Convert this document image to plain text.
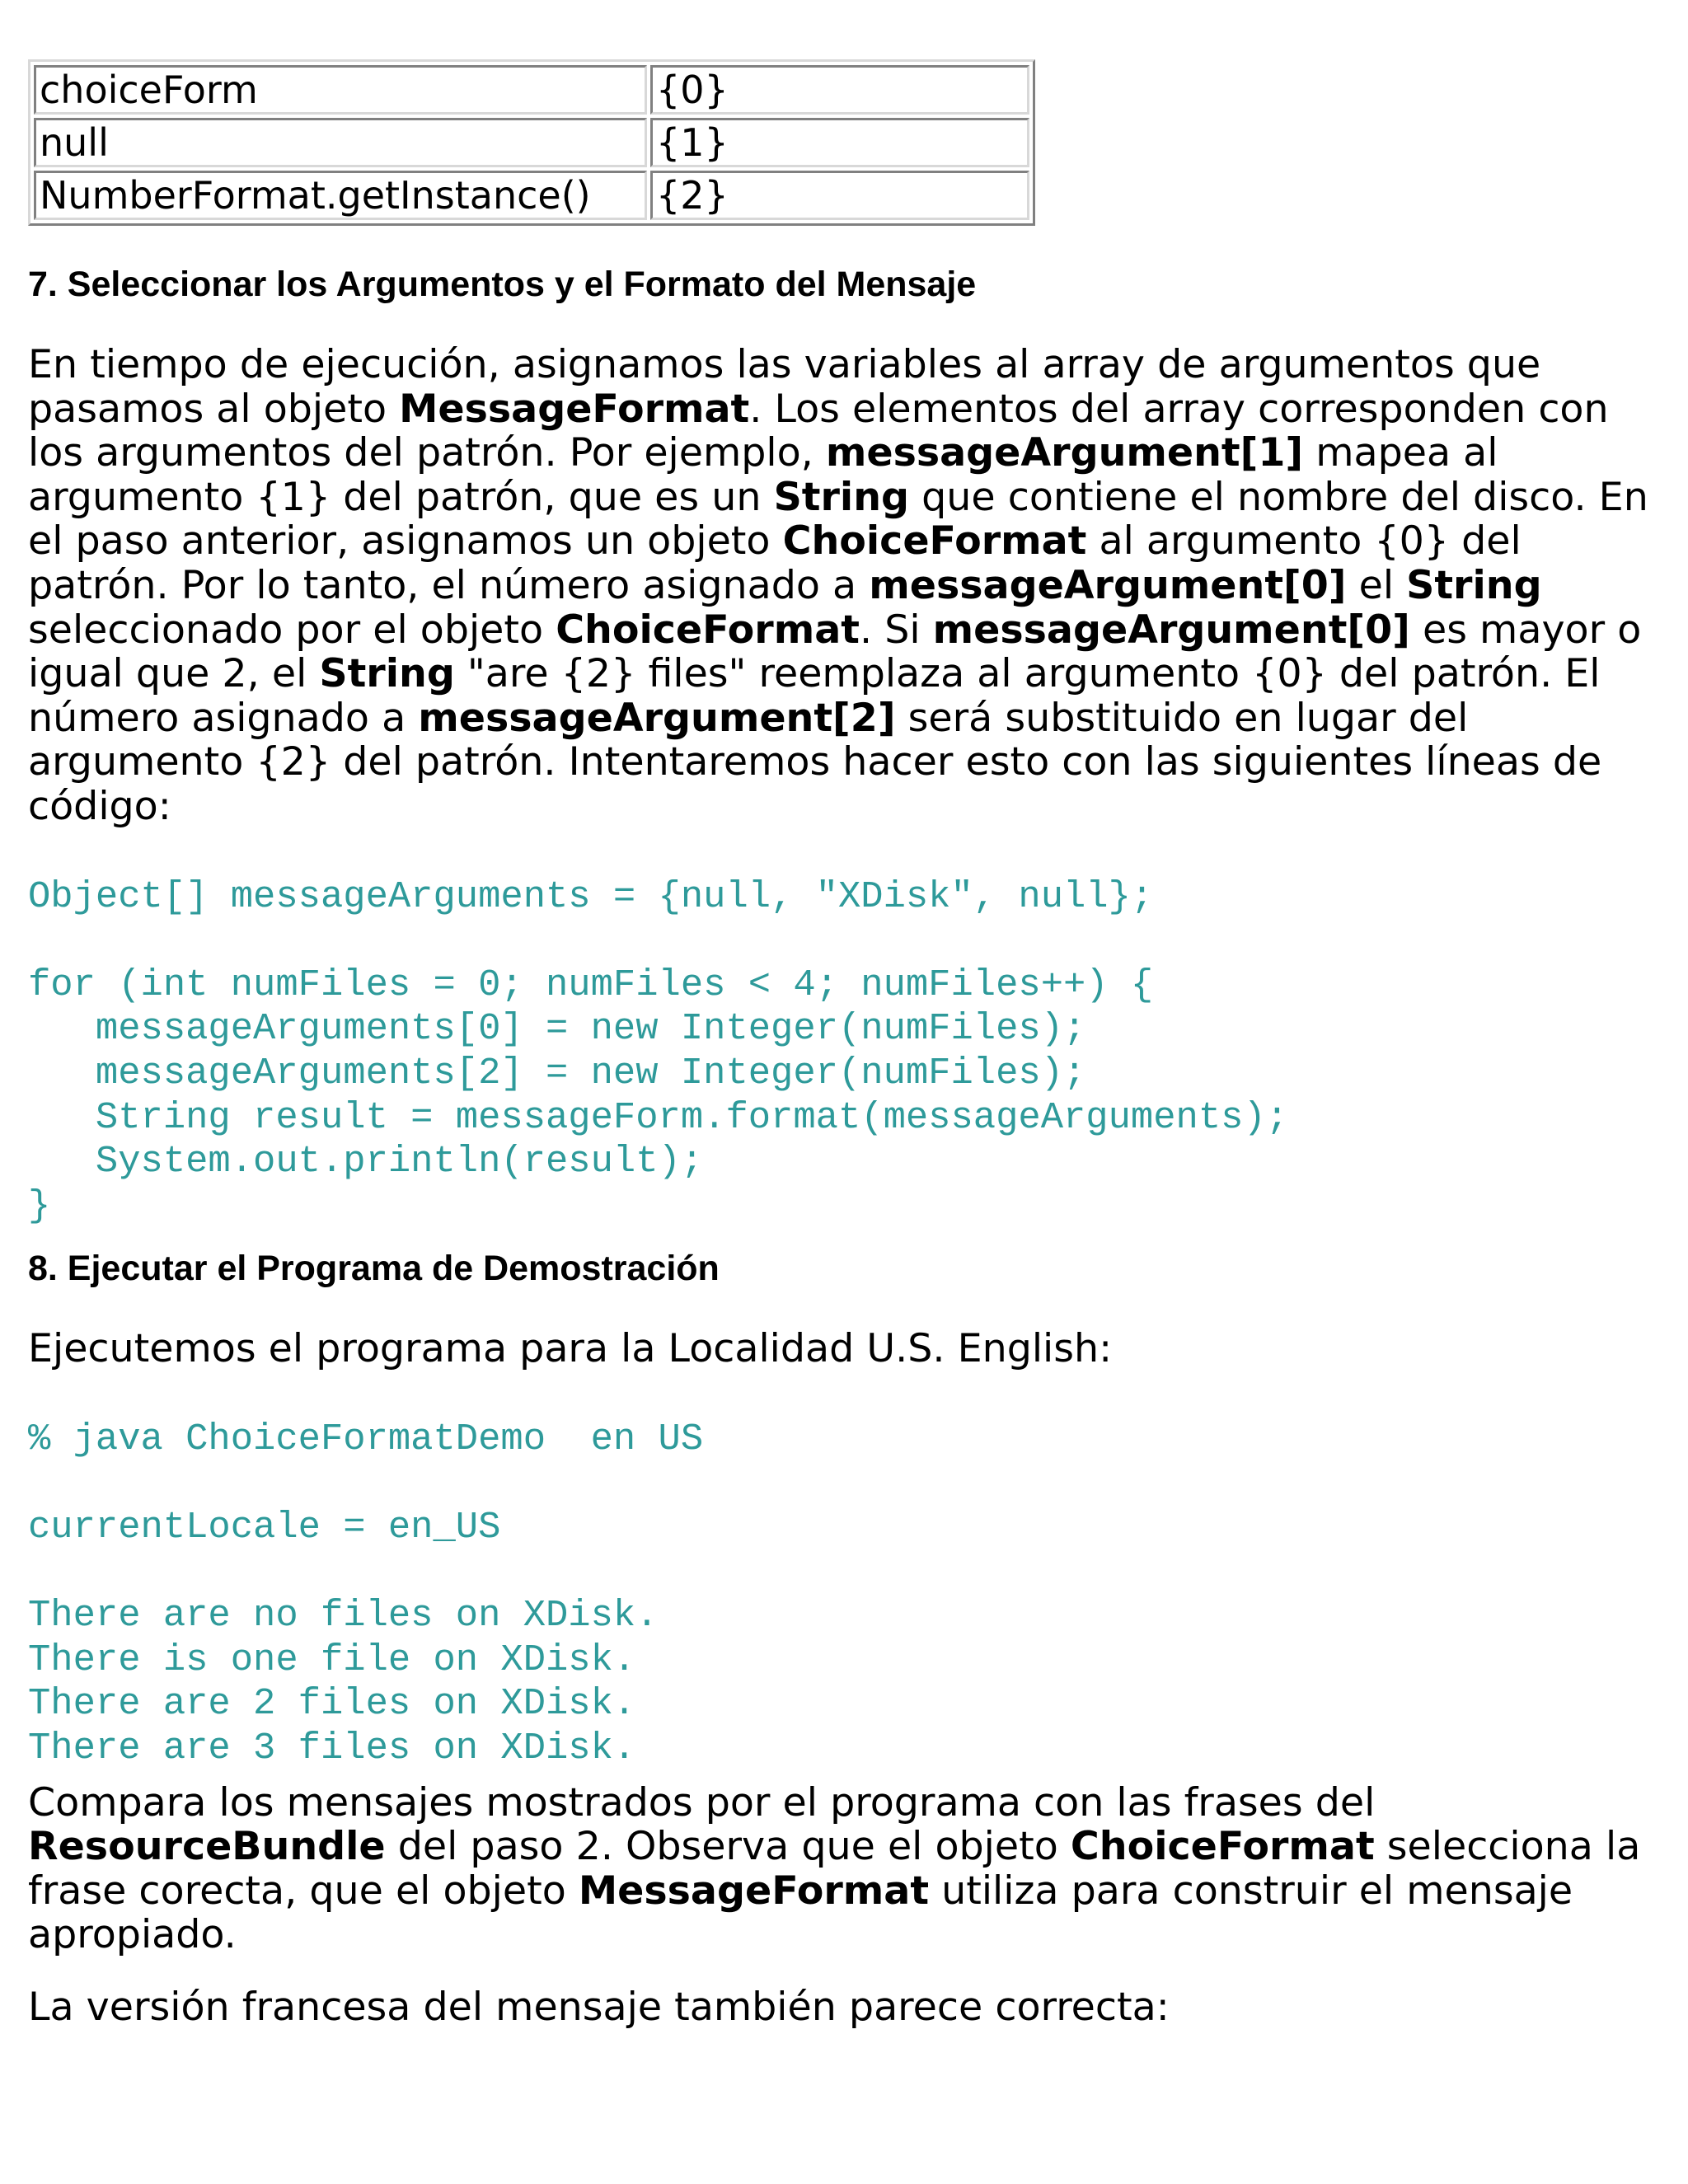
choiceForm	{0}
null	{1}
NumberFormat.getInstance()	{2}
7. Seleccionar los Argumentos y el Formato del Mensaje

En tiempo de ejecución, asignamos las variables al array de argumentos que pasamos al objeto MessageFormat. Los elementos del array corresponden con los argumentos del patrón. Por ejemplo, messageArgument[1] mapea al argumento {1} del patrón, que es un String que contiene el nombre del disco. En el paso anterior, asignamos un objeto ChoiceFormat al argumento {0} del patrón. Por lo tanto, el número asignado a messageArgument[0] el String seleccionado por el objeto ChoiceFormat. Si messageArgument[0] es mayor o igual que 2, el String "are {2} files" reemplaza al argumento {0} del patrón. El número asignado a messageArgument[2] será substituido en lugar del argumento {2} del patrón. Intentaremos hacer esto con las siguientes líneas de código:

Object[] messageArguments = {null, "XDisk", null};

for (int numFiles = 0; numFiles < 4; numFiles++) {
messageArguments[0] = new Integer(numFiles);
messageArguments[2] = new Integer(numFiles);
String result = messageForm.format(messageArguments);
System.out.println(result);
}
8. Ejecutar el Programa de Demostración

Ejecutemos el programa para la Localidad U.S. English:

% java ChoiceFormatDemo  en US

currentLocale = en_US

There are no files on XDisk.
There is one file on XDisk.
There are 2 files on XDisk.
There are 3 files on XDisk.

Compara los mensajes mostrados por el programa con las frases del ResourceBundle del paso 2. Observa que el objeto ChoiceFormat selecciona la frase corecta, que el objeto MessageFormat utiliza para construir el mensaje apropiado.

La versión francesa del mensaje también parece correcta:
